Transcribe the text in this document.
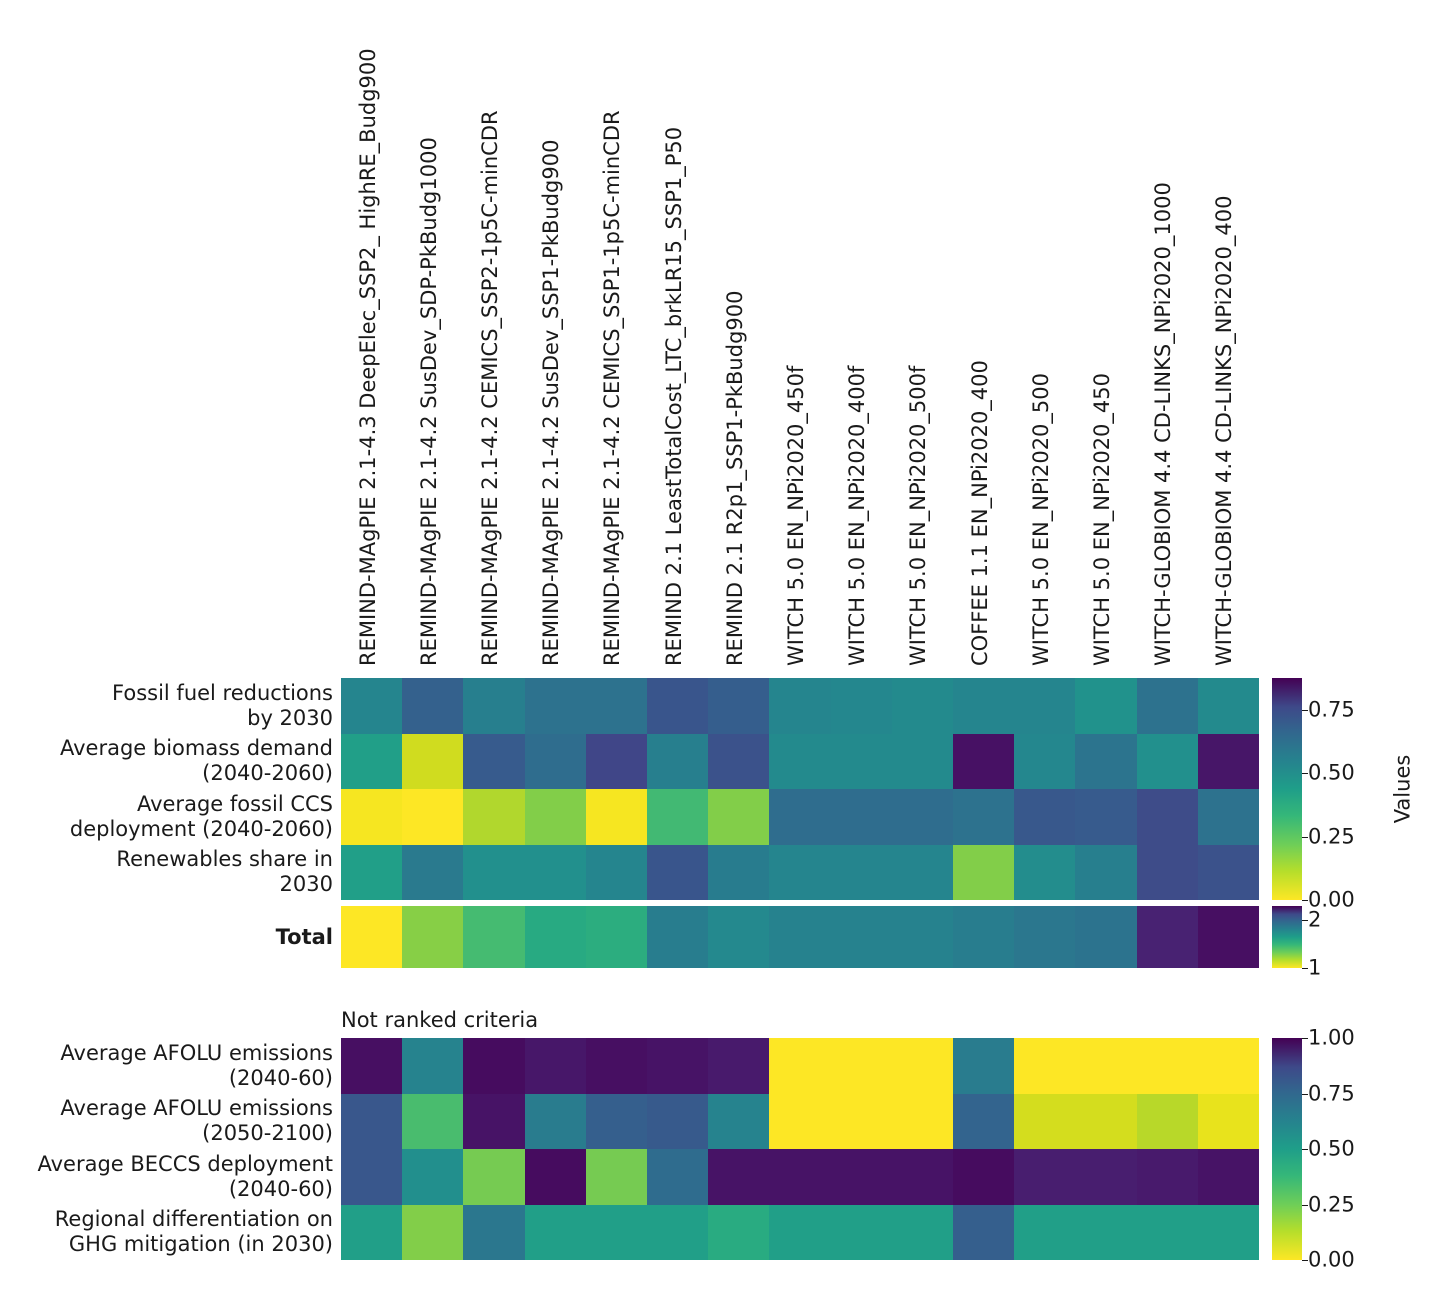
REMIND-MAgPIE 2.1-4.3 DeepElec_SSP2_ HighRE_Budg900 REMIND-MAgPIE 2.1-4.2 SusDev_SDP-PkBudg1000 REMIND-MAgPIE 2.1-4.2 CEMICS_SSP2-1p5C-minCDR REMIND-MAgPIE 2.1-4.2 SusDev_SSP1-PkBudg900 REMIND-MAgPIE 2.1-4.2 CEMICS_SSP1-1p5C-minCDR REMIND 2.1 LeastTotalCost_LTC_brkLR15_SSP1_P50 REMIND 2.1 R2p1_SSP1-PkBudg900 WITCH 5.0 EN_NPi2020_450f WITCH 5.0 EN_NPi2020_400f WITCH 5.0 EN_NPi2020_500f COFFEE 1.1 EN_NPi2020_400 WITCH 5.0 EN_NPi2020_500 WITCH 5.0 EN_NPi2020_450 WITCH-GLOBIOM 4.4 CD-LINKS_NPi2020_1000 WITCH-GLOBIOM 4.4 CD-LINKS_NPi2020_400
Fossil fuel reductions
by 2030
Average biomass demand
(2040-2060)
Average fossil CCS
deployment (2040-2060)
Renewables share in
2030
Total
Average AFOLU emissions
(2040-60)
Average AFOLU emissions
(2050-2100)
Average BECCS deployment
(2040-60)
Regional differentiation on
GHG mitigation (in 2030)
Not ranked criteria
0.00
0.25
0.50
0.75
Values
1
2
0.00
0.25
0.50
0.75
1.00
